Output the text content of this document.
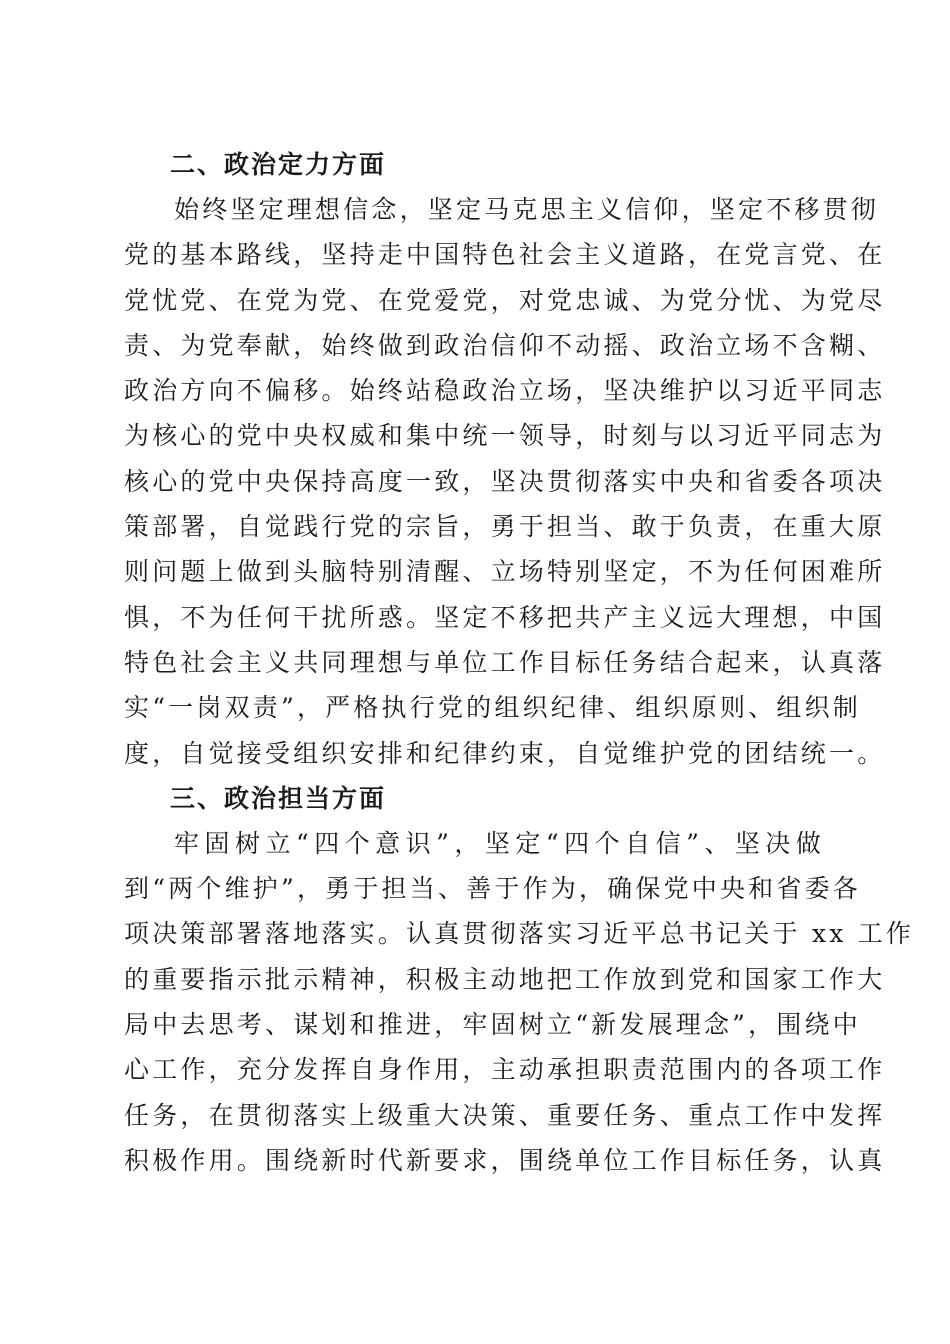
二、政治定力方面
始终坚定理想信念，坚定马克思主义信仰，坚定不移贯彻
党的基本路线，坚持走中国特色社会主义道路，在党言党、在
党忧党、在党为党、在党爱党，对党忠诚、为党分忧、为党尽
责、为党奉献，始终做到政治信仰不动摇、政治立场不含糊、
政治方向不偏移。始终站稳政治立场，坚决维护以习近平同志
为核心的党中央权威和集中统一领导，时刻与以习近平同志为
核心的党中央保持高度一致，坚决贯彻落实中央和省委各项决
策部署，自觉践行党的宗旨，勇于担当、敢于负责，在重大原
则问题上做到头脑特别清醒、立场特别坚定，不为任何困难所
惧，不为任何干扰所惑。坚定不移把共产主义远大理想，中国
特色社会主义共同理想与单位工作目标任务结合起来，认真落
实“一岗双责”，严格执行党的组织纪律、组织原则、组织制
度，自觉接受组织安排和纪律约束，自觉维护党的团结统一。
三、政治担当方面
牢固树立“四个意识”，坚定“四个自信”、坚决做
到“两个维护”，勇于担当、善于作为，确保党中央和省委各
项决策部署落地落实。认真贯彻落实习近平总书记关于 xx 工作
的重要指示批示精神，积极主动地把工作放到党和国家工作大
局中去思考、谋划和推进，牢固树立“新发展理念”，围绕中
心工作，充分发挥自身作用，主动承担职责范围内的各项工作
任务，在贯彻落实上级重大决策、重要任务、重点工作中发挥
积极作用。围绕新时代新要求，围绕单位工作目标任务，认真
